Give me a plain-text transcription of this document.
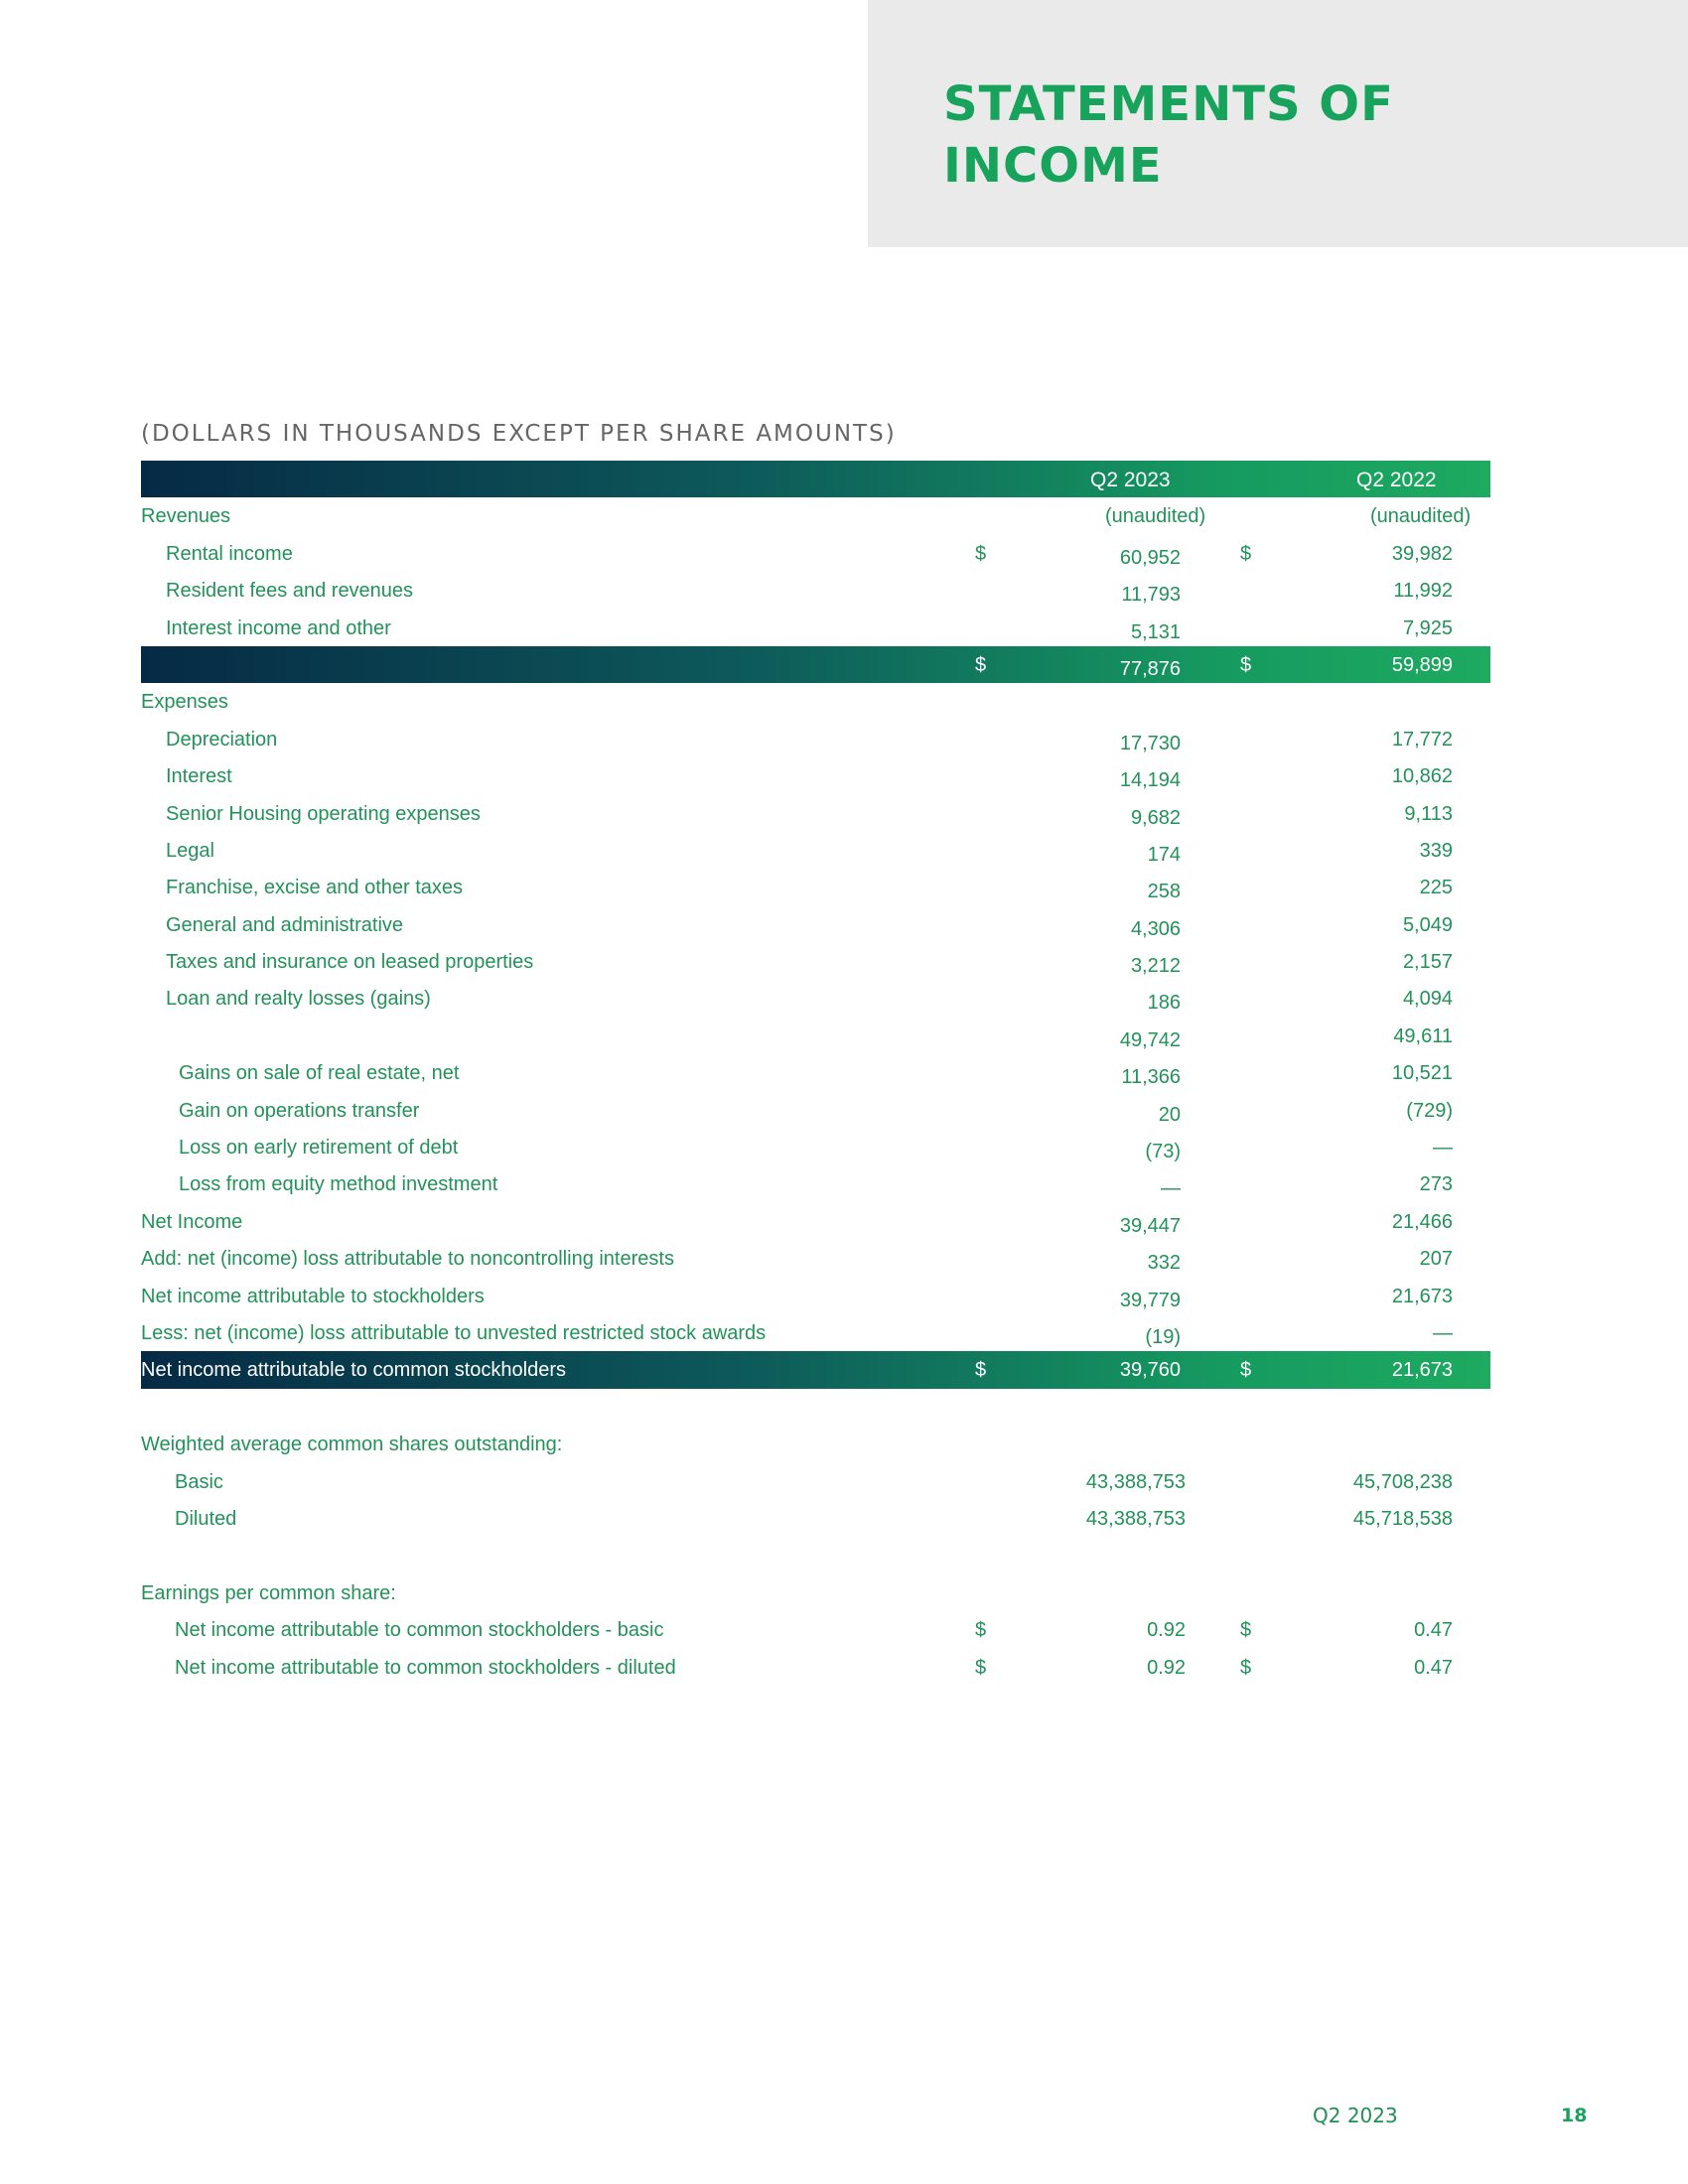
STATEMENTS OF
INCOME
(DOLLARS IN THOUSANDS EXCEPT PER SHARE AMOUNTS)
Q2 2023	Q2 2022
Revenues	(unaudited)	(unaudited)
Rental income	$	60,952	$	39,982
Resident fees and revenues	11,793	11,992
Interest income and other	5,131	7,925
$	77,876	$	59,899
Expenses
Depreciation	17,730	17,772
Interest	14,194	10,862
Senior Housing operating expenses	9,682	9,113
Legal	174	339
Franchise, excise and other taxes	258	225
General and administrative	4,306	5,049
Taxes and insurance on leased properties	3,212	2,157
Loan and realty losses (gains)	186	4,094
49,742	49,611
Gains on sale of real estate, net	11,366	10,521
Gain on operations transfer	20	(729)
Loss on early retirement of debt	(73)	—
Loss from equity method investment	—	273
Net Income	39,447	21,466
Add: net (income) loss attributable to noncontrolling interests	332	207
Net income attributable to stockholders	39,779	21,673
Less: net (income) loss attributable to unvested restricted stock awards	(19)	—
Net income attributable to common stockholders	$	39,760	$	21,673
Weighted average common shares outstanding:
Basic	43,388,753	45,708,238
Diluted	43,388,753	45,718,538
Earnings per common share:
Net income attributable to common stockholders - basic	$	0.92	$	0.47
Net income attributable to common stockholders - diluted	$	0.92	$	0.47
Q2 2023	18
